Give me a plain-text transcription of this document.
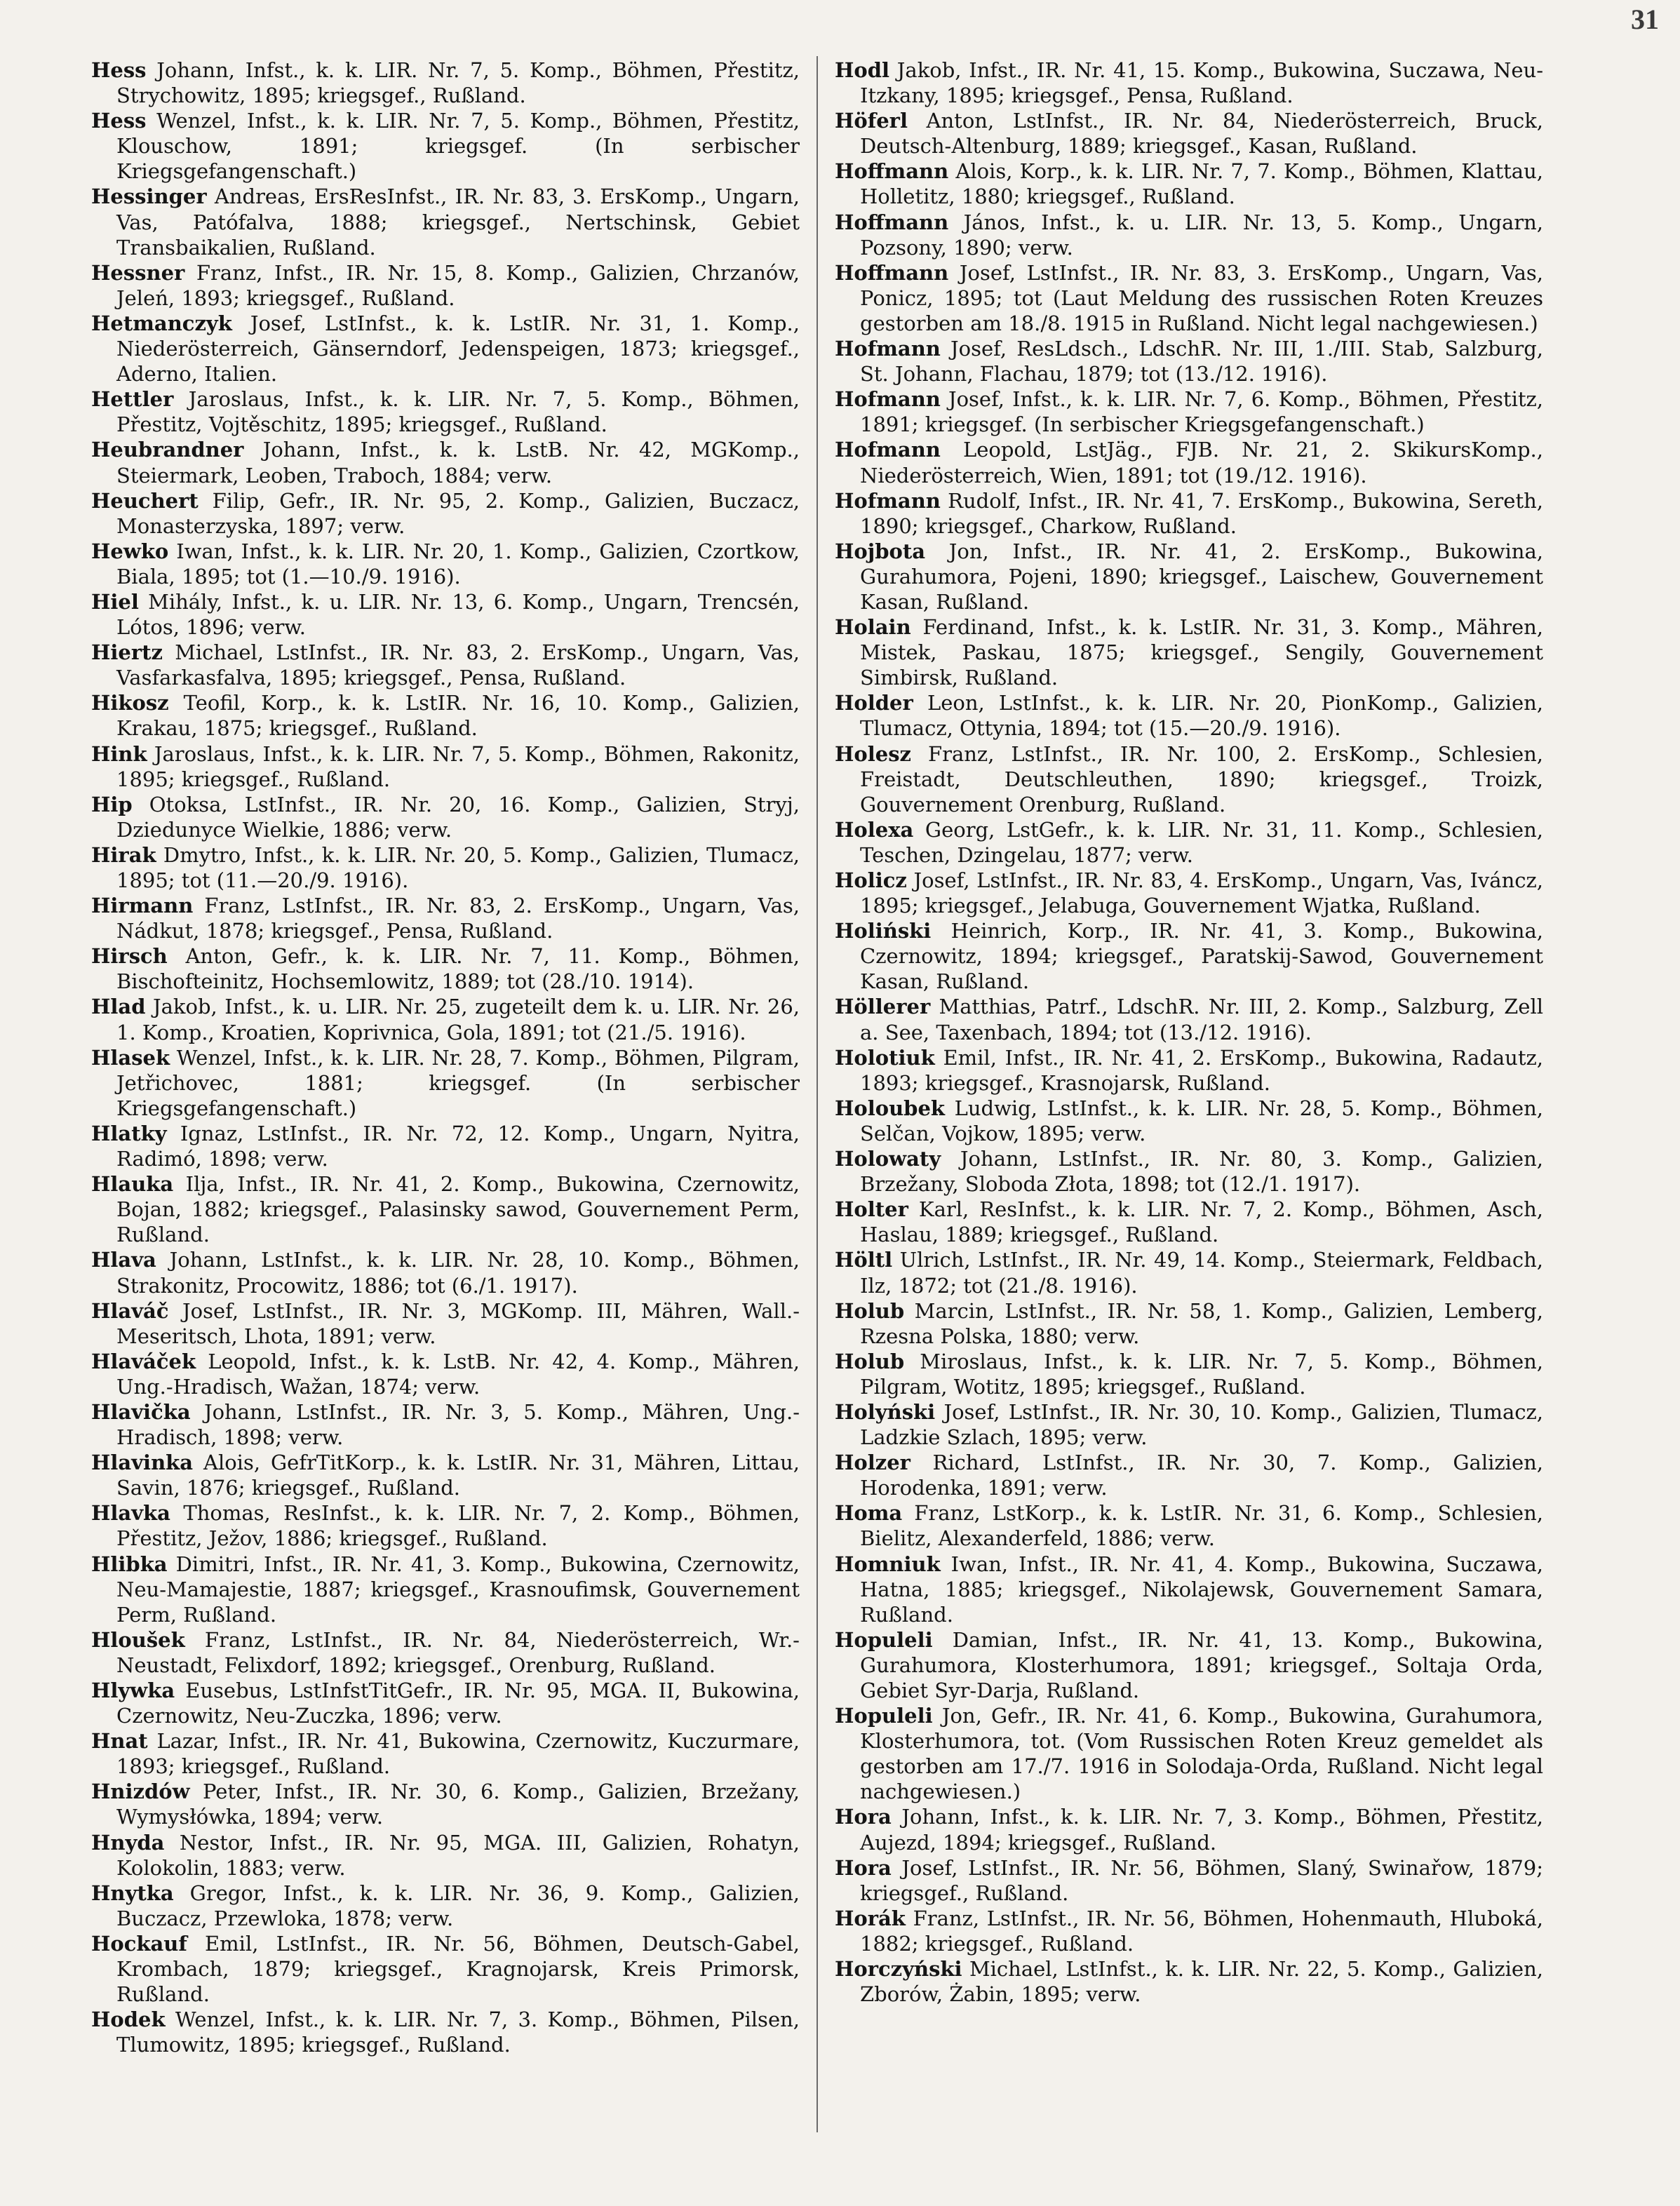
31

Hess Johann, Infst., k. k. LIR. Nr. 7, 5. Komp., Böhmen, Přestitz, Strychowitz, 1895; kriegsgef., Rußland.

Hess Wenzel, Infst., k. k. LIR. Nr. 7, 5. Komp., Böhmen, Přestitz, Klouschow, 1891; kriegsgef. (In serbischer Kriegsgefangenschaft.)

Hessinger Andreas, ErsResInfst., IR. Nr. 83, 3. ErsKomp., Ungarn, Vas, Patófalva, 1888; kriegsgef., Nertschinsk, Gebiet Transbaikalien, Rußland.

Hessner Franz, Infst., IR. Nr. 15, 8. Komp., Galizien, Chrzanów, Jeleń, 1893; kriegsgef., Rußland.

Hetmanczyk Josef, LstInfst., k. k. LstIR. Nr. 31, 1. Komp., Niederösterreich, Gänserndorf, Jedenspeigen, 1873; kriegsgef., Aderno, Italien.

Hettler Jaroslaus, Infst., k. k. LIR. Nr. 7, 5. Komp., Böhmen, Přestitz, Vojtěschitz, 1895; kriegsgef., Rußland.

Heubrandner Johann, Infst., k. k. LstB. Nr. 42, MGKomp., Steiermark, Leoben, Traboch, 1884; verw.

Heuchert Filip, Gefr., IR. Nr. 95, 2. Komp., Galizien, Buczacz, Monasterzyska, 1897; verw.

Hewko Iwan, Infst., k. k. LIR. Nr. 20, 1. Komp., Galizien, Czortkow, Biala, 1895; tot (1.—10./9. 1916).

Hiel Mihály, Infst., k. u. LIR. Nr. 13, 6. Komp., Ungarn, Trencsén, Lótos, 1896; verw.

Hiertz Michael, LstInfst., IR. Nr. 83, 2. ErsKomp., Ungarn, Vas, Vasfarkasfalva, 1895; kriegsgef., Pensa, Rußland.

Hikosz Teofil, Korp., k. k. LstIR. Nr. 16, 10. Komp., Galizien, Krakau, 1875; kriegsgef., Rußland.

Hink Jaroslaus, Infst., k. k. LIR. Nr. 7, 5. Komp., Böhmen, Rakonitz, 1895; kriegsgef., Rußland.

Hip Otoksa, LstInfst., IR. Nr. 20, 16. Komp., Galizien, Stryj, Dziedunyce Wielkie, 1886; verw.

Hirak Dmytro, Infst., k. k. LIR. Nr. 20, 5. Komp., Galizien, Tlumacz, 1895; tot (11.—20./9. 1916).

Hirmann Franz, LstInfst., IR. Nr. 83, 2. ErsKomp., Ungarn, Vas, Nádkut, 1878; kriegsgef., Pensa, Rußland.

Hirsch Anton, Gefr., k. k. LIR. Nr. 7, 11. Komp., Böhmen, Bischofteinitz, Hochsemlowitz, 1889; tot (28./10. 1914).

Hlad Jakob, Infst., k. u. LIR. Nr. 25, zugeteilt dem k. u. LIR. Nr. 26, 1. Komp., Kroatien, Koprivnica, Gola, 1891; tot (21./5. 1916).

Hlasek Wenzel, Infst., k. k. LIR. Nr. 28, 7. Komp., Böhmen, Pilgram, Jetřichovec, 1881; kriegsgef. (In serbischer Kriegsgefangenschaft.)

Hlatky Ignaz, LstInfst., IR. Nr. 72, 12. Komp., Ungarn, Nyitra, Radimó, 1898; verw.

Hlauka Ilja, Infst., IR. Nr. 41, 2. Komp., Bukowina, Czernowitz, Bojan, 1882; kriegsgef., Palasinsky sawod, Gouvernement Perm, Rußland.

Hlava Johann, LstInfst., k. k. LIR. Nr. 28, 10. Komp., Böhmen, Strakonitz, Procowitz, 1886; tot (6./1. 1917).

Hlaváč Josef, LstInfst., IR. Nr. 3, MGKomp. III, Mähren, Wall.-Meseritsch, Lhota, 1891; verw.

Hlaváček Leopold, Infst., k. k. LstB. Nr. 42, 4. Komp., Mähren, Ung.-Hradisch, Wažan, 1874; verw.

Hlavička Johann, LstInfst., IR. Nr. 3, 5. Komp., Mähren, Ung.-Hradisch, 1898; verw.

Hlavinka Alois, GefrTitKorp., k. k. LstIR. Nr. 31, Mähren, Littau, Savin, 1876; kriegsgef., Rußland.

Hlavka Thomas, ResInfst., k. k. LIR. Nr. 7, 2. Komp., Böhmen, Přestitz, Ježov, 1886; kriegsgef., Rußland.

Hlibka Dimitri, Infst., IR. Nr. 41, 3. Komp., Bukowina, Czernowitz, Neu-Mamajestie, 1887; kriegsgef., Krasnoufimsk, Gouvernement Perm, Rußland.

Hloušek Franz, LstInfst., IR. Nr. 84, Niederösterreich, Wr.-Neustadt, Felixdorf, 1892; kriegsgef., Orenburg, Rußland.

Hlywka Eusebus, LstInfstTitGefr., IR. Nr. 95, MGA. II, Bukowina, Czernowitz, Neu-Zuczka, 1896; verw.

Hnat Lazar, Infst., IR. Nr. 41, Bukowina, Czernowitz, Kuczurmare, 1893; kriegsgef., Rußland.

Hnizdów Peter, Infst., IR. Nr. 30, 6. Komp., Galizien, Brzežany, Wymysłówka, 1894; verw.

Hnyda Nestor, Infst., IR. Nr. 95, MGA. III, Galizien, Rohatyn, Kolokolin, 1883; verw.

Hnytka Gregor, Infst., k. k. LIR. Nr. 36, 9. Komp., Galizien, Buczacz, Przewloka, 1878; verw.

Hockauf Emil, LstInfst., IR. Nr. 56, Böhmen, Deutsch-Gabel, Krombach, 1879; kriegsgef., Kragnojarsk, Kreis Primorsk, Rußland.

Hodek Wenzel, Infst., k. k. LIR. Nr. 7, 3. Komp., Böhmen, Pilsen, Tlumowitz, 1895; kriegsgef., Rußland.

Hodl Jakob, Infst., IR. Nr. 41, 15. Komp., Bukowina, Suczawa, Neu-Itzkany, 1895; kriegsgef., Pensa, Rußland.

Höferl Anton, LstInfst., IR. Nr. 84, Niederösterreich, Bruck, Deutsch-Altenburg, 1889; kriegsgef., Kasan, Rußland.

Hoffmann Alois, Korp., k. k. LIR. Nr. 7, 7. Komp., Böhmen, Klattau, Holletitz, 1880; kriegsgef., Rußland.

Hoffmann János, Infst., k. u. LIR. Nr. 13, 5. Komp., Ungarn, Pozsony, 1890; verw.

Hoffmann Josef, LstInfst., IR. Nr. 83, 3. ErsKomp., Ungarn, Vas, Ponicz, 1895; tot (Laut Meldung des russischen Roten Kreuzes gestorben am 18./8. 1915 in Rußland. Nicht legal nachgewiesen.)

Hofmann Josef, ResLdsch., LdschR. Nr. III, 1./III. Stab, Salzburg, St. Johann, Flachau, 1879; tot (13./12. 1916).

Hofmann Josef, Infst., k. k. LIR. Nr. 7, 6. Komp., Böhmen, Přestitz, 1891; kriegsgef. (In serbischer Kriegsgefangenschaft.)

Hofmann Leopold, LstJäg., FJB. Nr. 21, 2. SkikursKomp., Niederösterreich, Wien, 1891; tot (19./12. 1916).

Hofmann Rudolf, Infst., IR. Nr. 41, 7. ErsKomp., Bukowina, Sereth, 1890; kriegsgef., Charkow, Rußland.

Hojbota Jon, Infst., IR. Nr. 41, 2. ErsKomp., Bukowina, Gurahumora, Pojeni, 1890; kriegsgef., Laischew, Gouvernement Kasan, Rußland.

Holain Ferdinand, Infst., k. k. LstIR. Nr. 31, 3. Komp., Mähren, Mistek, Paskau, 1875; kriegsgef., Sengily, Gouvernement Simbirsk, Rußland.

Holder Leon, LstInfst., k. k. LIR. Nr. 20, PionKomp., Galizien, Tlumacz, Ottynia, 1894; tot (15.—20./9. 1916).

Holesz Franz, LstInfst., IR. Nr. 100, 2. ErsKomp., Schlesien, Freistadt, Deutschleuthen, 1890; kriegsgef., Troizk, Gouvernement Orenburg, Rußland.

Holexa Georg, LstGefr., k. k. LIR. Nr. 31, 11. Komp., Schlesien, Teschen, Dzingelau, 1877; verw.

Holicz Josef, LstInfst., IR. Nr. 83, 4. ErsKomp., Ungarn, Vas, Iváncz, 1895; kriegsgef., Jelabuga, Gouvernement Wjatka, Rußland.

Holiński Heinrich, Korp., IR. Nr. 41, 3. Komp., Bukowina, Czernowitz, 1894; kriegsgef., Paratskij-Sawod, Gouvernement Kasan, Rußland.

Höllerer Matthias, Patrf., LdschR. Nr. III, 2. Komp., Salzburg, Zell a. See, Taxenbach, 1894; tot (13./12. 1916).

Holotiuk Emil, Infst., IR. Nr. 41, 2. ErsKomp., Bukowina, Radautz, 1893; kriegsgef., Krasnojarsk, Rußland.

Holoubek Ludwig, LstInfst., k. k. LIR. Nr. 28, 5. Komp., Böhmen, Selčan, Vojkow, 1895; verw.

Holowaty Johann, LstInfst., IR. Nr. 80, 3. Komp., Galizien, Brzežany, Sloboda Złota, 1898; tot (12./1. 1917).

Holter Karl, ResInfst., k. k. LIR. Nr. 7, 2. Komp., Böhmen, Asch, Haslau, 1889; kriegsgef., Rußland.

Höltl Ulrich, LstInfst., IR. Nr. 49, 14. Komp., Steiermark, Feldbach, Ilz, 1872; tot (21./8. 1916).

Holub Marcin, LstInfst., IR. Nr. 58, 1. Komp., Galizien, Lemberg, Rzesna Polska, 1880; verw.

Holub Miroslaus, Infst., k. k. LIR. Nr. 7, 5. Komp., Böhmen, Pilgram, Wotitz, 1895; kriegsgef., Rußland.

Holyński Josef, LstInfst., IR. Nr. 30, 10. Komp., Galizien, Tlumacz, Ladzkie Szlach, 1895; verw.

Holzer Richard, LstInfst., IR. Nr. 30, 7. Komp., Galizien, Horodenka, 1891; verw.

Homa Franz, LstKorp., k. k. LstIR. Nr. 31, 6. Komp., Schlesien, Bielitz, Alexanderfeld, 1886; verw.

Homniuk Iwan, Infst., IR. Nr. 41, 4. Komp., Bukowina, Suczawa, Hatna, 1885; kriegsgef., Nikolajewsk, Gouvernement Samara, Rußland.

Hopuleli Damian, Infst., IR. Nr. 41, 13. Komp., Bukowina, Gurahumora, Klosterhumora, 1891; kriegsgef., Soltaja Orda, Gebiet Syr-Darja, Rußland.

Hopuleli Jon, Gefr., IR. Nr. 41, 6. Komp., Bukowina, Gurahumora, Klosterhumora, tot. (Vom Russischen Roten Kreuz gemeldet als gestorben am 17./7. 1916 in Solodaja-Orda, Rußland. Nicht legal nachgewiesen.)

Hora Johann, Infst., k. k. LIR. Nr. 7, 3. Komp., Böhmen, Přestitz, Aujezd, 1894; kriegsgef., Rußland.

Hora Josef, LstInfst., IR. Nr. 56, Böhmen, Slaný, Swinařow, 1879; kriegsgef., Rußland.

Horák Franz, LstInfst., IR. Nr. 56, Böhmen, Hohenmauth, Hluboká, 1882; kriegsgef., Rußland.

Horczyński Michael, LstInfst., k. k. LIR. Nr. 22, 5. Komp., Galizien, Zborów, Żabin, 1895; verw.
